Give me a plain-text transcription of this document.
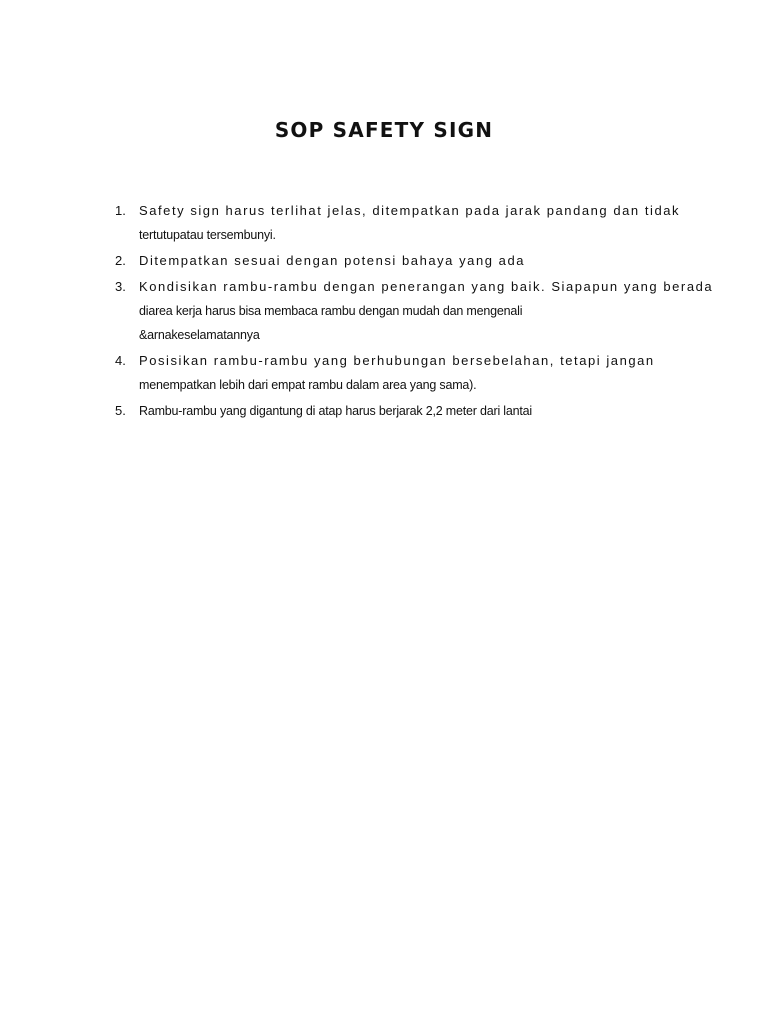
SOP SAFETY SIGN
1. Safety sign harus terlihat jelas, ditempatkan pada jarak pandang dan tidak
tertutupatau tersembunyi.
2. Ditempatkan sesuai dengan potensi bahaya yang ada
3. Kondisikan rambu-rambu dengan penerangan yang baik. Siapapun yang berada
diarea kerja harus bisa membaca rambu dengan mudah dan mengenali
&arnakeselamatannya
4. Posisikan rambu-rambu yang berhubungan bersebelahan, tetapi jangan
menempatkan lebih dari empat rambu dalam area yang sama).
5. Rambu-rambu yang digantung di atap harus berjarak 2,2 meter dari lantai
